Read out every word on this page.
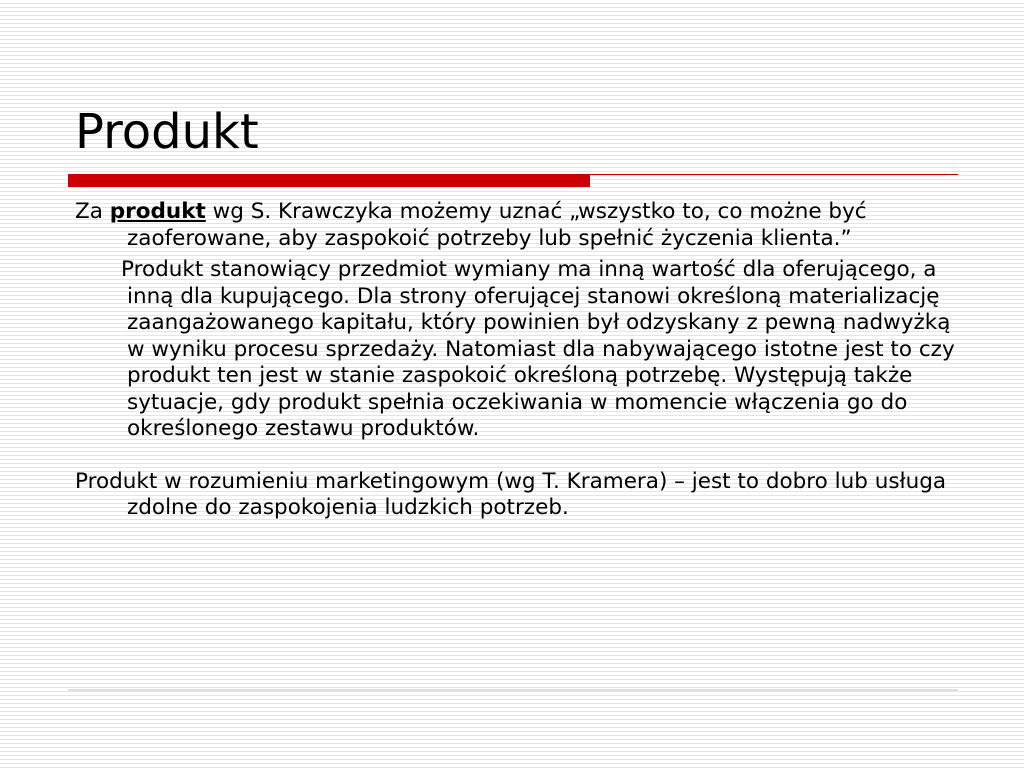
Produkt

Za produkt wg S. Krawczyka możemy uznać „wszystko to, co możne być zaoferowane, aby zaspokoić potrzeby lub spełnić życzenia klienta.”

Produkt stanowiący przedmiot wymiany ma inną wartość dla oferującego, a inną dla kupującego. Dla strony oferującej stanowi określoną materializację zaangażowanego kapitału, który powinien był odzyskany z pewną nadwyżką w wyniku procesu sprzedaży. Natomiast dla nabywającego istotne jest to czy produkt ten jest w stanie zaspokoić określoną potrzebę. Występują także sytuacje, gdy produkt spełnia oczekiwania w momencie włączenia go do określonego zestawu produktów.

Produkt w rozumieniu marketingowym (wg T. Kramera) – jest to dobro lub usługa zdolne do zaspokojenia ludzkich potrzeb.
